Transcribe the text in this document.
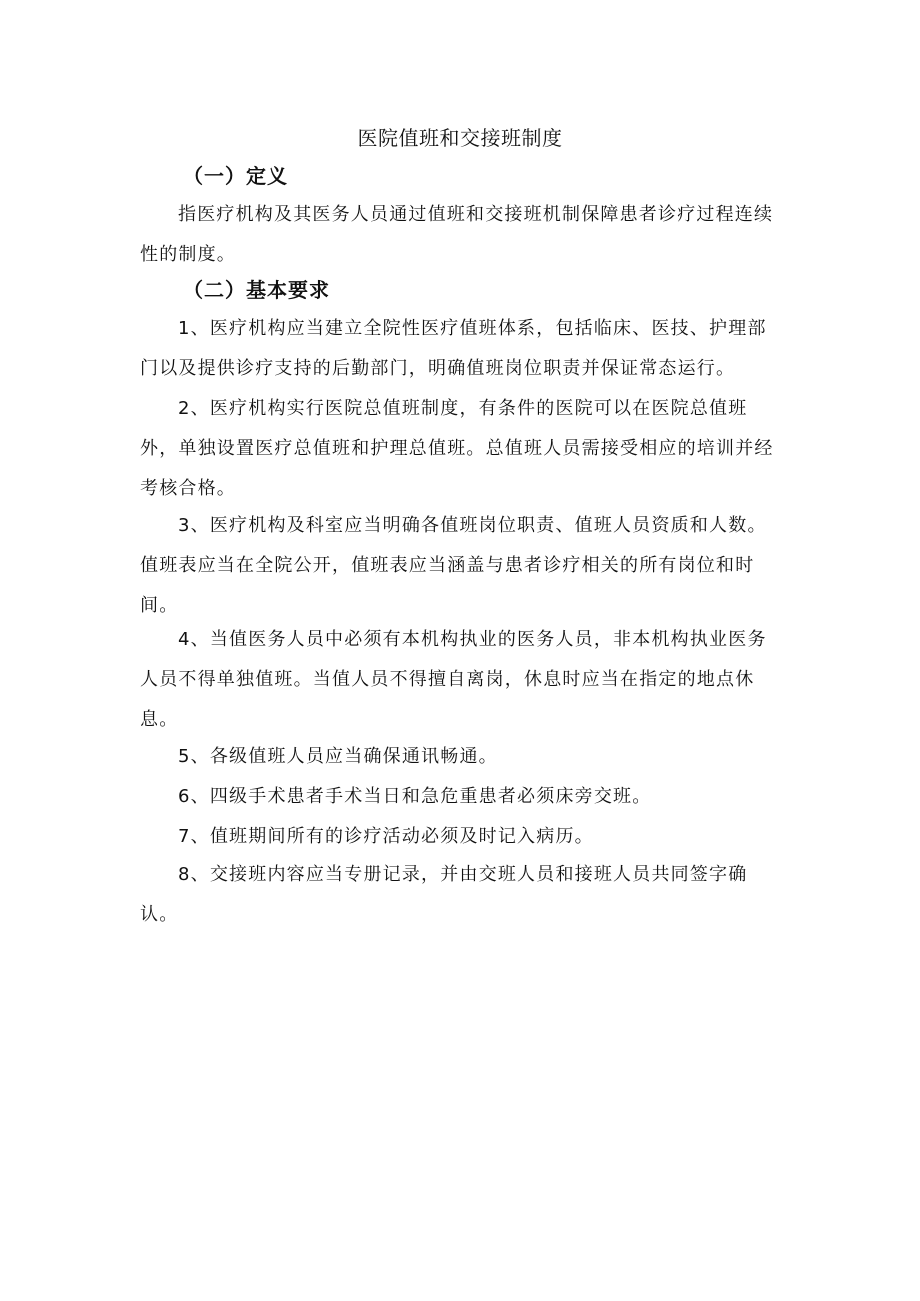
医院值班和交接班制度
（一）定义

指医疗机构及其医务人员通过值班和交接班机制保障患者诊疗过程连续性的制度。

（二）基本要求

1、医疗机构应当建立全院性医疗值班体系，包括临床、医技、护理部门以及提供诊疗支持的后勤部门，明确值班岗位职责并保证常态运行。

2、医疗机构实行医院总值班制度，有条件的医院可以在医院总值班外，单独设置医疗总值班和护理总值班。总值班人员需接受相应的培训并经考核合格。

3、医疗机构及科室应当明确各值班岗位职责、值班人员资质和人数。值班表应当在全院公开，值班表应当涵盖与患者诊疗相关的所有岗位和时间。

4、当值医务人员中必须有本机构执业的医务人员，非本机构执业医务人员不得单独值班。当值人员不得擅自离岗，休息时应当在指定的地点休息。

5、各级值班人员应当确保通讯畅通。

6、四级手术患者手术当日和急危重患者必须床旁交班。

7、值班期间所有的诊疗活动必须及时记入病历。

8、交接班内容应当专册记录，并由交班人员和接班人员共同签字确认。
